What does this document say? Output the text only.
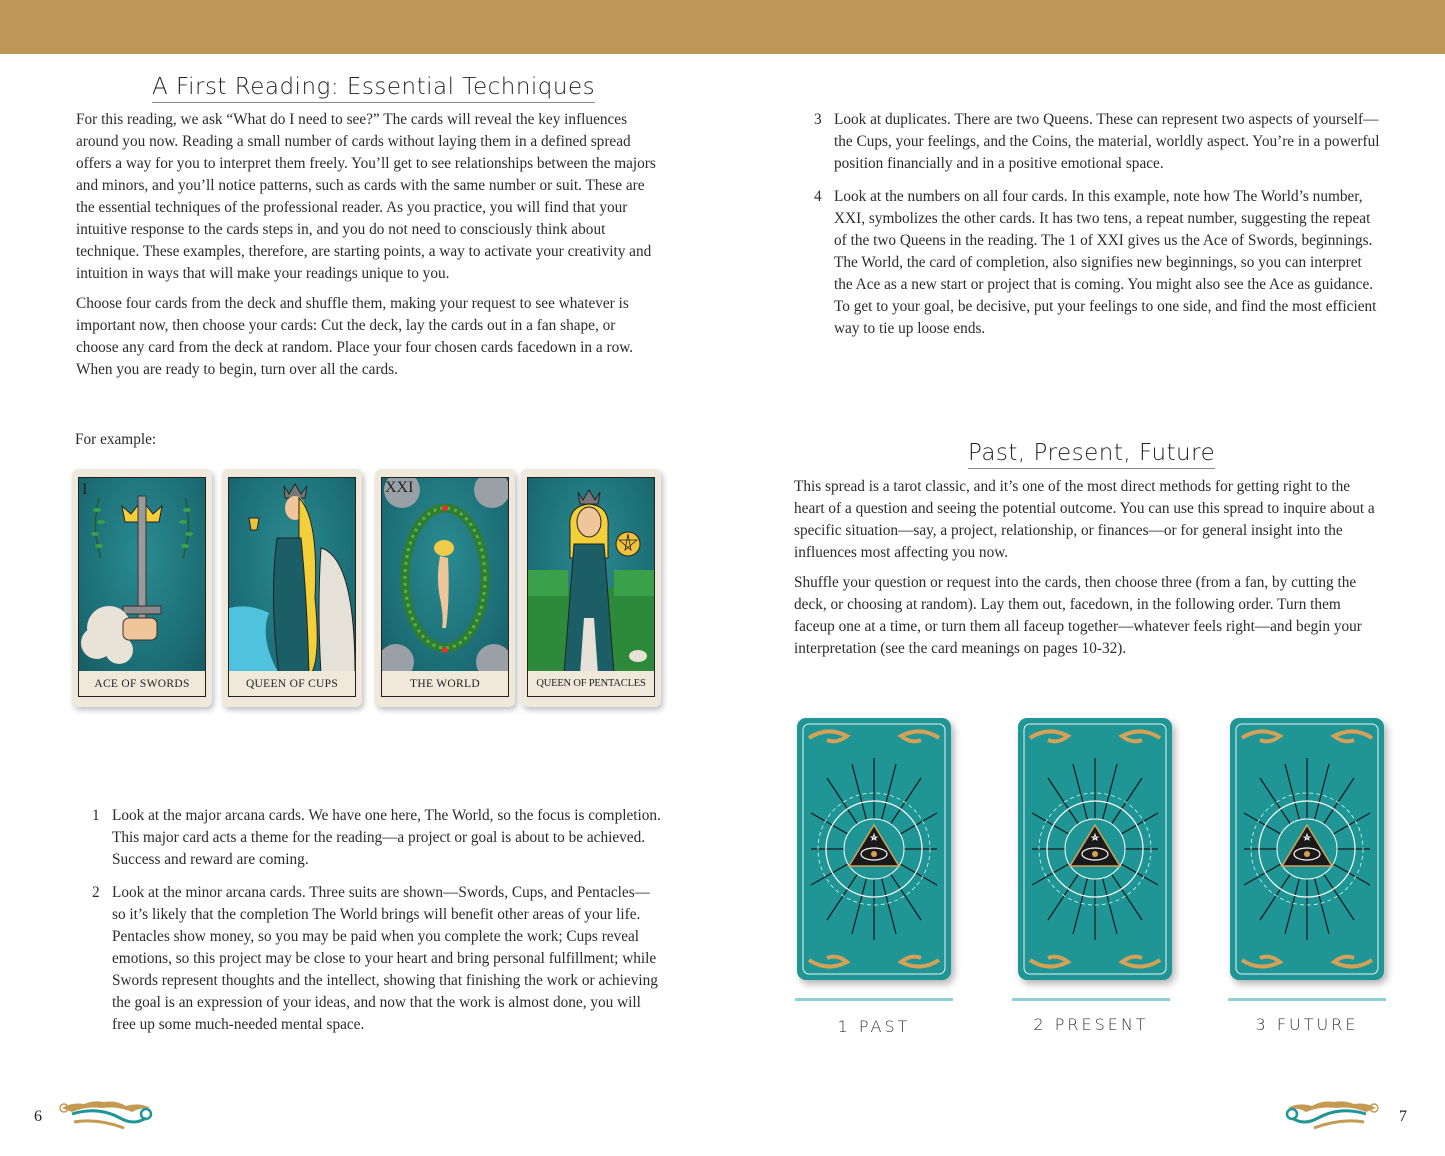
A First Reading: Essential Techniques

For this reading, we ask “What do I need to see?” The cards will reveal the key influences around you now. Reading a small number of cards without laying them in a defined spread offers a way for you to interpret them freely. You’ll get to see relationships between the majors and minors, and you’ll notice patterns, such as cards with the same number or suit. These are the essential techniques of the professional reader. As you practice, you will find that your intuitive response to the cards steps in, and you do not need to consciously think about technique. These examples, therefore, are starting points, a way to activate your creativity and intuition in ways that will make your readings unique to you.

Choose four cards from the deck and shuffle them, making your request to see whatever is important now, then choose your cards: Cut the deck, lay the cards out in a fan shape, or choose any card from the deck at random. Place your four chosen cards facedown in a row. When you are ready to begin, turn over all the cards.

For example:
I
ACE OF SWORDS	QUEEN OF CUPS
XXI
THE WORLD	QUEEN OF PENTACLES
1 Look at the major arcana cards. We have one here, The World, so the focus is completion. This major card acts a theme for the reading—a project or goal is about to be achieved. Success and reward are coming.
2 Look at the minor arcana cards. Three suits are shown—Swords, Cups, and Pentacles—so it’s likely that the completion The World brings will benefit other areas of your life. Pentacles show money, so you may be paid when you complete the work; Cups reveal emotions, so this project may be close to your heart and bring personal fulfillment; while Swords represent thoughts and the intellect, showing that finishing the work or achieving the goal is an expression of your ideas, and now that the work is almost done, you will free up some much-needed mental space.
6
3 Look at duplicates. There are two Queens. These can represent two aspects of yourself—the Cups, your feelings, and the Coins, the material, worldly aspect. You’re in a powerful position financially and in a positive emotional space.
4 Look at the numbers on all four cards. In this example, note how The World’s number, XXI, symbolizes the other cards. It has two tens, a repeat number, suggesting the repeat of the two Queens in the reading. The 1 of XXI gives us the Ace of Swords, beginnings. The World, the card of completion, also signifies new beginnings, so you can interpret the Ace as a new start or project that is coming. You might also see the Ace as guidance. To get to your goal, be decisive, put your feelings to one side, and find the most efficient way to tie up loose ends.
Past, Present, Future

This spread is a tarot classic, and it’s one of the most direct methods for getting right to the heart of a question and seeing the potential outcome. You can use this spread to inquire about a specific situation—say, a project, relationship, or finances—or for general insight into the influences most affecting you now.

Shuffle your question or request into the cards, then choose three (from a fan, by cutting the deck, or choosing at random). Lay them out, facedown, in the following order. Turn them faceup one at a time, or turn them all faceup together—whatever feels right—and begin your interpretation (see the card meanings on pages 10-32).

1 PAST	2 PRESENT	3 FUTURE
7
